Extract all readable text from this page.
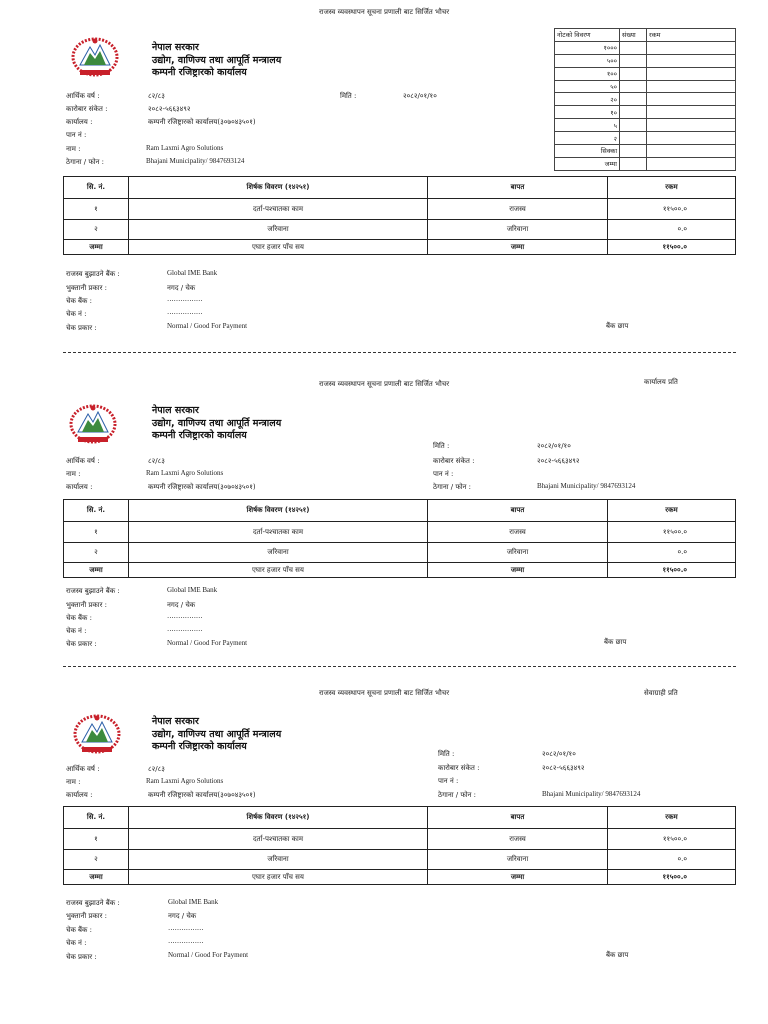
राजस्व व्यवस्थापन सूचना प्रणाली बाट सिर्जित भौचर
नेपाल सरकार
उद्योग, वाणिज्य तथा आपूर्ति मन्त्रालय
कम्पनी रजिष्ट्रारको कार्यालय
नोटको विवरण	संख्या	रकम
१०००		
५००		
१००		
५०		
२०		
१०		
५		
२		
सिक्का		
जम्मा		
आर्थिक वर्ष :	८२/८३	मिति :	२०८२/०१/१०
कारोबार संकेत :	२०८२-५६६३४९२
कार्यालय :	कम्पनी रजिष्ट्रारको कार्यालय(३०७०४३५०१)
पान नं :
नाम :	Ram Laxmi Agro Solutions
ठेगाना / फोन :	Bhajani Municipality/ 9847693124
सि. नं.	शिर्षक विवरण (१४२५१)	बापत	रकम
१	दर्ता-पश्चातका काम	राजस्व	११५००.०
२	जरिवाना	जरिवाना	०.०
जम्मा	एघार हजार पाँच सय	जम्मा	११५००.०
राजस्व बुझाउने बैंक :	Global IME Bank
भुक्तानी प्रकार :	नगद / चेक
चेक बैंक :	................
चेक नं :	................
चेक प्रकार :	Normal / Good For Payment	बैंक छाप
राजस्व व्यवस्थापन सूचना प्रणाली बाट सिर्जित भौचर	कार्यालय प्रति
नेपाल सरकार
उद्योग, वाणिज्य तथा आपूर्ति मन्त्रालय
कम्पनी रजिष्ट्रारको कार्यालय
मिति :	२०८२/०१/१०
आर्थिक वर्ष :	८२/८३	कारोबार संकेत :	२०८२-५६६३४९२
नाम :	Ram Laxmi Agro Solutions	पान नं :
कार्यालय :	कम्पनी रजिष्ट्रारको कार्यालय(३०७०४३५०१)	ठेगाना / फोन :	Bhajani Municipality/ 9847693124
सि. नं.	शिर्षक विवरण (१४२५१)	बापत	रकम
१	दर्ता-पश्चातका काम	राजस्व	११५००.०
२	जरिवाना	जरिवाना	०.०
जम्मा	एघार हजार पाँच सय	जम्मा	११५००.०
राजस्व बुझाउने बैंक :	Global IME Bank
भुक्तानी प्रकार :	नगद / चेक
चेक बैंक :	................
चेक नं :	................
चेक प्रकार :	Normal / Good For Payment	बैंक छाप
राजस्व व्यवस्थापन सूचना प्रणाली बाट सिर्जित भौचर	सेवाग्राही प्रति
नेपाल सरकार
उद्योग, वाणिज्य तथा आपूर्ति मन्त्रालय
कम्पनी रजिष्ट्रारको कार्यालय
मिति :	२०८२/०१/१०
आर्थिक वर्ष :	८२/८३	कारोबार संकेत :	२०८२-५६६३४९२
नाम :	Ram Laxmi Agro Solutions	पान नं :
कार्यालय :	कम्पनी रजिष्ट्रारको कार्यालय(३०७०४३५०१)	ठेगाना / फोन :	Bhajani Municipality/ 9847693124
सि. नं.	शिर्षक विवरण (१४२५१)	बापत	रकम
१	दर्ता-पश्चातका काम	राजस्व	११५००.०
२	जरिवाना	जरिवाना	०.०
जम्मा	एघार हजार पाँच सय	जम्मा	११५००.०
राजस्व बुझाउने बैंक :	Global IME Bank
भुक्तानी प्रकार :	नगद / चेक
चेक बैंक :	................
चेक नं :	................
चेक प्रकार :	Normal / Good For Payment	बैंक छाप
